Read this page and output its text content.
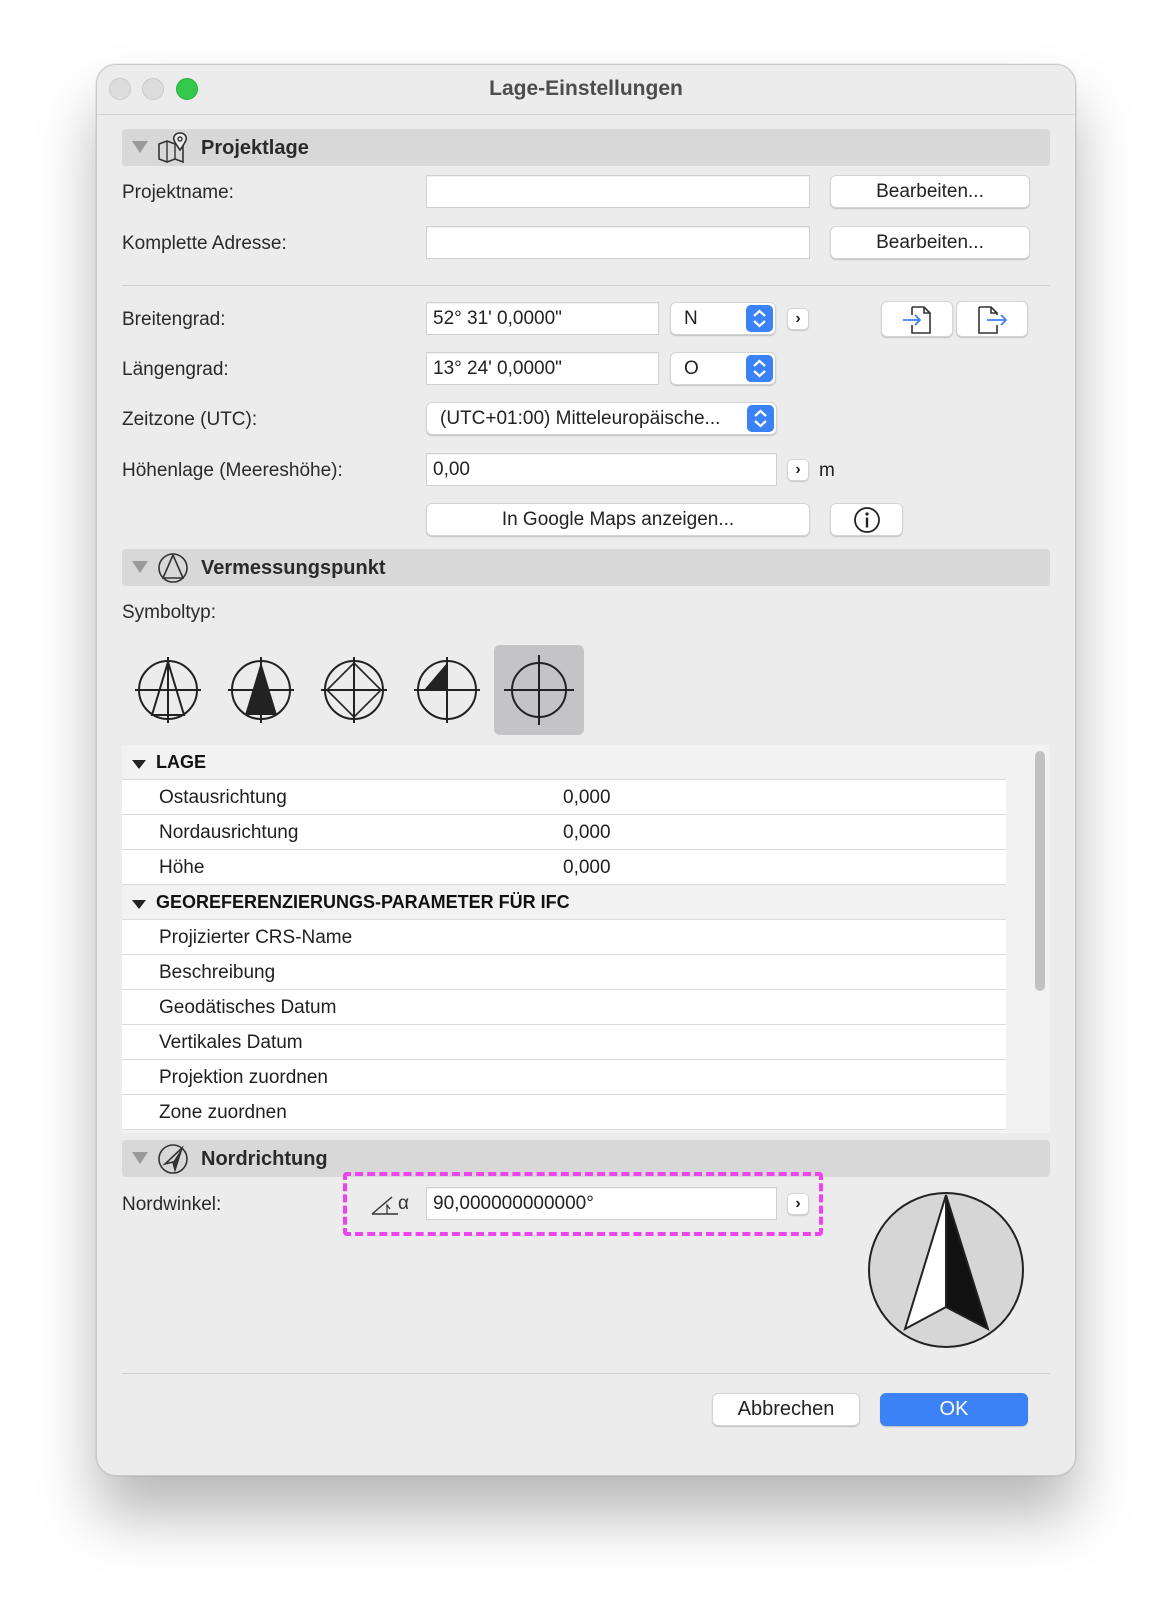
Lage-Einstellungen
Projektlage
Projektname:	Bearbeiten...
Komplette Adresse:	Bearbeiten...
Breitengrad:	52° 31' 0,0000"	N	›
Längengrad:	13° 24' 0,0000"	O
Zeitzone (UTC):	(UTC+01:00) Mitteleuropäische...
Höhenlage (Meereshöhe):	0,00	› m
In Google Maps anzeigen...
Vermessungspunkt
Symboltyp:
LAGE
Ostausrichtung	0,000
Nordausrichtung	0,000
Höhe	0,000
GEOREFERENZIERUNGS-PARAMETER FÜR IFC
Projizierter CRS-Name
Beschreibung
Geodätisches Datum
Vertikales Datum
Projektion zuordnen
Zone zuordnen
Nordrichtung
Nordwinkel:	α	90,000000000000°	›
Abbrechen	OK
